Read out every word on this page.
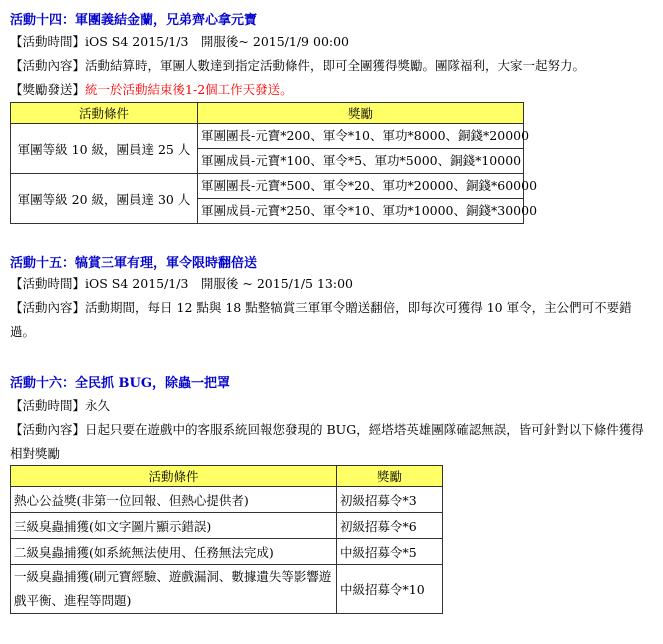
活動十四：軍團義結金蘭，兄弟齊心拿元寶
【活動時間】iOS S4 2015/1/3　開服後~ 2015/1/9 00:00
【活動內容】活動結算時，軍團人數達到指定活動條件，即可全團獲得獎勵。團隊福利，大家一起努力。
【獎勵發送】統一於活動結束後1-2個工作天發送。
活動條件	獎勵
軍團等級 10 級，團員達 25 人	軍團團長-元寶*200、軍令*10、軍功*8000、銅錢*20000
軍團成員-元寶*100、軍令*5、軍功*5000、銅錢*10000

軍團等級 20 級，團員達 30 人	軍團團長-元寶*500、軍令*20、軍功*20000、銅錢*60000
軍團成員-元寶*250、軍令*10、軍功*10000、銅錢*30000
活動十五：犒賞三軍有理，軍令限時翻倍送
【活動時間】iOS S4 2015/1/3　開服後 ~ 2015/1/5 13:00
【活動內容】活動期間，每日 12 點與 18 點整犒賞三軍軍令贈送翻倍，即每次可獲得 10 軍令，主公們可不要錯過。
活動十六：全民抓 BUG，除蟲一把罩
【活動時間】永久
【活動內容】日起只要在遊戲中的客服系統回報您發現的 BUG，經塔塔英雄團隊確認無誤，皆可針對以下條件獲得相對獎勵
活動條件	獎勵
熱心公益獎(非第一位回報、但熱心提供者)	初級招募令*3
三級臭蟲捕獲(如文字圖片顯示錯誤)	初級招募令*6
二級臭蟲捕獲(如系統無法使用、任務無法完成)	中級招募令*5
一級臭蟲捕獲(刷元寶經驗、遊戲漏洞、數據遺失等影響遊戲平衡、進程等問題)	中級招募令*10
